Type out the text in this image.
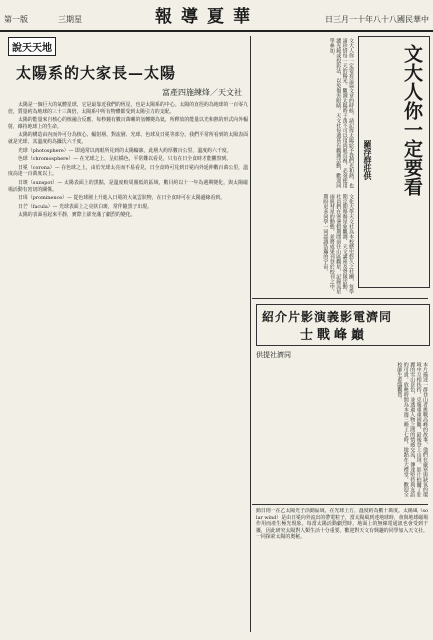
第一版	三期星	報導夏華	日三月一十年八十八國民華中
說天天地
太陽系的大家長—太陽
富產四施練烽／天文社

太陽是一個巨大的氣體星球，它是最靠近我們的恆星，也是太陽系的中心。太陽的直徑約為地球的一百零九倍，質量約為地球的三十三萬倍，太陽系中所有物體都受到太陽引力的支配。

太陽的能量來自核心的核融合反應，每秒鐘有數百萬噸的氫轉變為氦，所釋放的能量以光和熱的形式向外輻射，維持地球上的生命。

太陽的構造由內而外可分為核心、輻射層、對流層、光球、色球及日冕等部分。我們平常所看到的太陽表面就是光球，其溫度約為攝氏六千度。

光球（photosphere）— 即通常以肉眼所見到的太陽輪廓，此層大約厚數百公里，溫度約六千度。

色球（chromosphere）— 在光球之上，呈紅橘色，平常難以看見，只有在日全食時才能觀察到。

日冕（corona）— 在色球之上，由於光球太亮而不易看見，日全食時可見到日冕向外延伸數百萬公里，溫度高達一百萬度以上。

日斑（sunspot）— 太陽表面上的黑點，是溫度較周圍低的區域，數目約以十一年為週期變化，與太陽磁場活動有密切的關係。

日珥（prominence）— 從色球層上升進入日冕的大氣雲狀物，在日全食時可在太陽邊緣看到。

日芒（facula）— 光球表面上之亮狀白斑，常伴隨黑子出現。

太陽的表面看起來平靜，實際上卻充滿了劇烈的變化。

文大人你一定要看這篇文章的時候，請記得太陽給予我們光和熱，也請珍惜每一天的陽光。觀測太陽時千萬不可以用肉眼直視，必須使用濾光鏡或投影法，以免傷害眼睛。天文社每週皆有觀測活動，歡迎同學參加。	文大人你一定要看
羅浮群莊供
文化大學天文社為本校歷史悠久之社團，每學期定期舉辦星象觀測、天文講座及營隊活動。社員們在寒暑假期間前往山區觀星，記錄流星雨與彗星的動態，並將成果刊登於校刊之中，期盼更多同學一同認識浩瀚的宇宙。
紹介片影演義影電濟同
士戰峰巔
供提社濟同
本片描述一群登山者挑戰高峰的故事，他們在嚴寒與缺氧的環境中互相扶持，克服重重困難，最後登上山頂。影片拍攝了壯麗的雪山景色，並透過人物之間的情感交流，傳達堅持與友誼的可貴。放映時間為本週三晚上七時，地點在大禮堂，歡迎全校師生蒞臨觀賞。
動日則一在乙太陽光子活動區域，在光球上方，溫度約為數十萬度。太陽風（solar wind）是由日冕向外流出的帶電粒子，當太陽風到達地球時，會與地球磁場作用而產生極光現象。每當太陽活動劇烈時，地面上的無線電通訊也會受到干擾，因此研究太陽對人類生活十分重要。歡迎對天文有興趣的同學加入天文社，一同探索太陽的奧秘。
